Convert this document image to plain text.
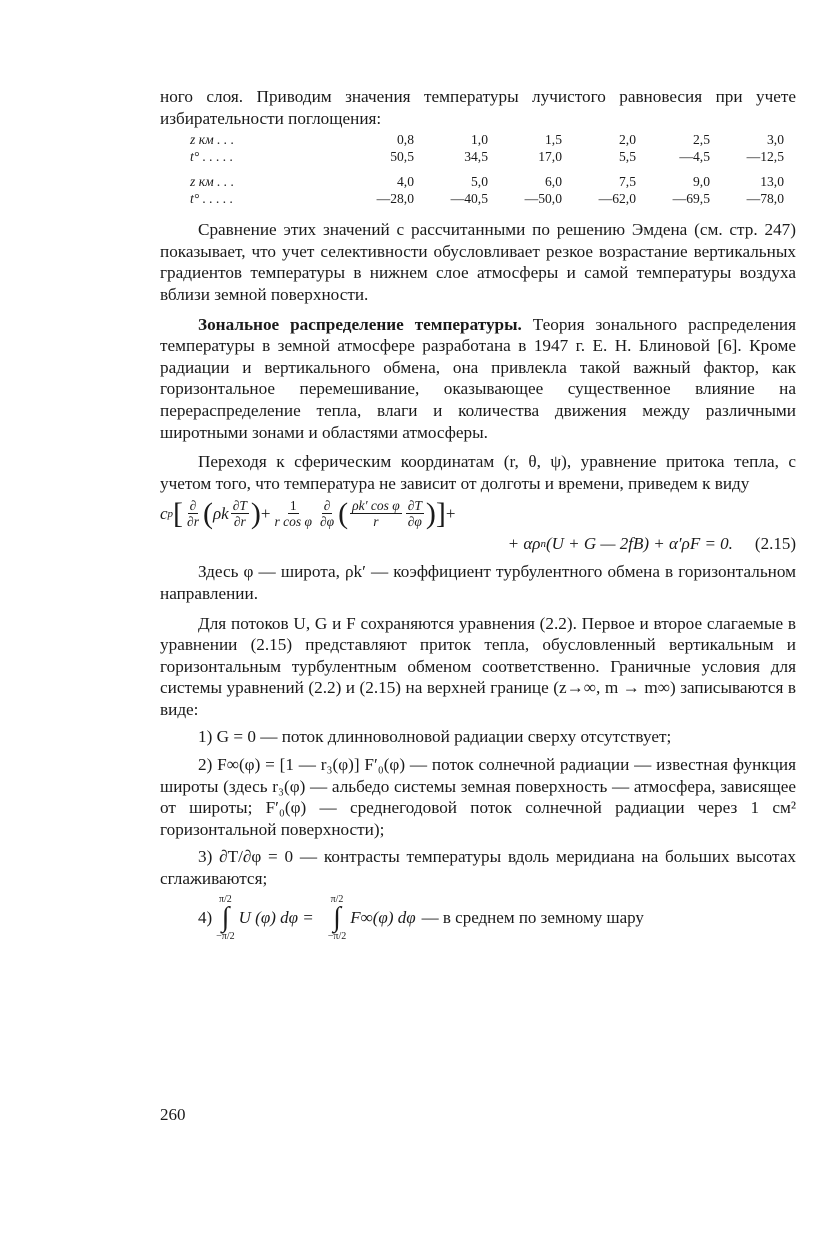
ного слоя. Приводим значения температуры лучистого равновесия при учете избирательности поглощения:

z км . . .	0,8	1,0	1,5	2,0	2,5	3,0
t° . . . . .	50,5	34,5	17,0	5,5	—4,5	—12,5
z км . . .	4,0	5,0	6,0	7,5	9,0	13,0
t° . . . . .	—28,0	—40,5	—50,0	—62,0	—69,5	—78,0

Сравнение этих значений с рассчитанными по решению Эмдена (см. стр. 247) показывает, что учет селективности обусловливает резкое возрастание вертикальных градиентов температуры в нижнем слое атмосферы и самой температуры воздуха вблизи земной поверхности.

Зональное распределение температуры. Теория зонального распределения температуры в земной атмосфере разработана в 1947 г. Е. Н. Блиновой [6]. Кроме радиации и вертикального обмена, она привлекла такой важный фактор, как горизонтальное перемешивание, оказывающее существенное влияние на перераспределение тепла, влаги и количества движения между различными широтными зонами и областями атмосферы.

Переходя к сферическим координатам (r, θ, ψ), уравнение притока тепла, с учетом того, что температура не зависит от долготы и времени, приведем к виду

c p [ $\frac{\partial}{\partial r}$ ( ρk $\frac{\partial T}{\partial r}$ ) + $\frac{1}{\text{r cos φ}} \frac{\partial}{\partial\varphi}$ ( $\frac{\text{ρk′ cos φ}}{r} \frac{\partial T}{\partial\varphi}$ ) ] +
+ αρ n (U + G — 2fB) + α′ρF = 0. (2.15)

Здесь φ — широта, ρk′ — коэффициент турбулентного обмена в горизонтальном направлении.

Для потоков U, G и F сохраняются уравнения (2.2). Первое и второе слагаемые в уравнении (2.15) представляют приток тепла, обусловленный вертикальным и горизонтальным турбулентным обменом соответственно. Граничные условия для системы уравнений (2.2) и (2.15) на верхней границе (z→∞, m → m∞) записываются в виде:

1) G = 0 — поток длинноволновой радиации сверху отсутствует;

2) F∞(φ) = [1 — r₃(φ)] F′₀(φ) — поток солнечной радиации — известная функция широты (здесь r₃(φ) — альбедо системы земная поверхность — атмосфера, зависящее от широты; F′₀(φ) — среднегодовой поток солнечной радиации через 1 см² горизонтальной поверхности);

3) ∂T/∂φ = 0 — контрасты температуры вдоль меридиана на больших высотах сглаживаются;

4)
π/2
∫
−π/2
U (φ) dφ =
π/2
∫
−π/2
F∞(φ) dφ — в среднем по земному шару
260
